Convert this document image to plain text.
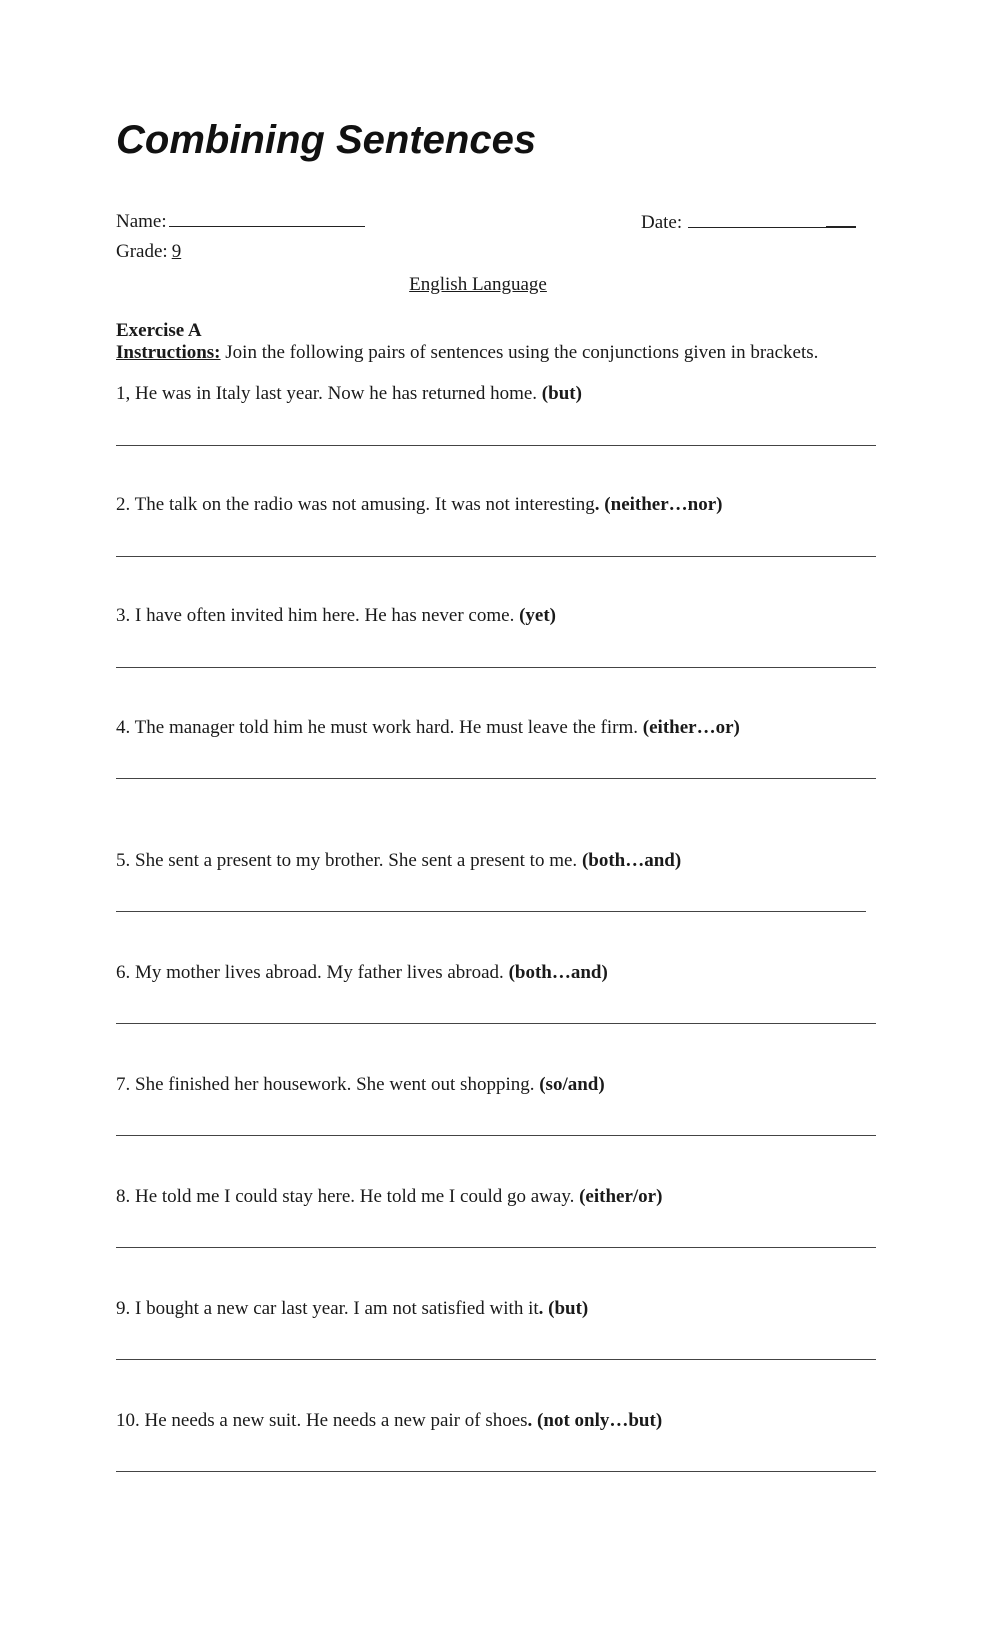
Combining Sentences
Name:	Date:
Grade: 9
English Language
Exercise A
Instructions: Join the following pairs of sentences using the conjunctions given in brackets.
1, He was in Italy last year. Now he has returned home. (but)
2. The talk on the radio was not amusing. It was not interesting. (neither…nor)
3. I have often invited him here. He has never come. (yet)
4. The manager told him he must work hard. He must leave the firm. (either…or)
5. She sent a present to my brother. She sent a present to me. (both…and)
6. My mother lives abroad. My father lives abroad. (both…and)
7. She finished her housework. She went out shopping. (so/and)
8. He told me I could stay here. He told me I could go away. (either/or)
9. I bought a new car last year. I am not satisfied with it. (but)
10. He needs a new suit. He needs a new pair of shoes. (not only…but)
